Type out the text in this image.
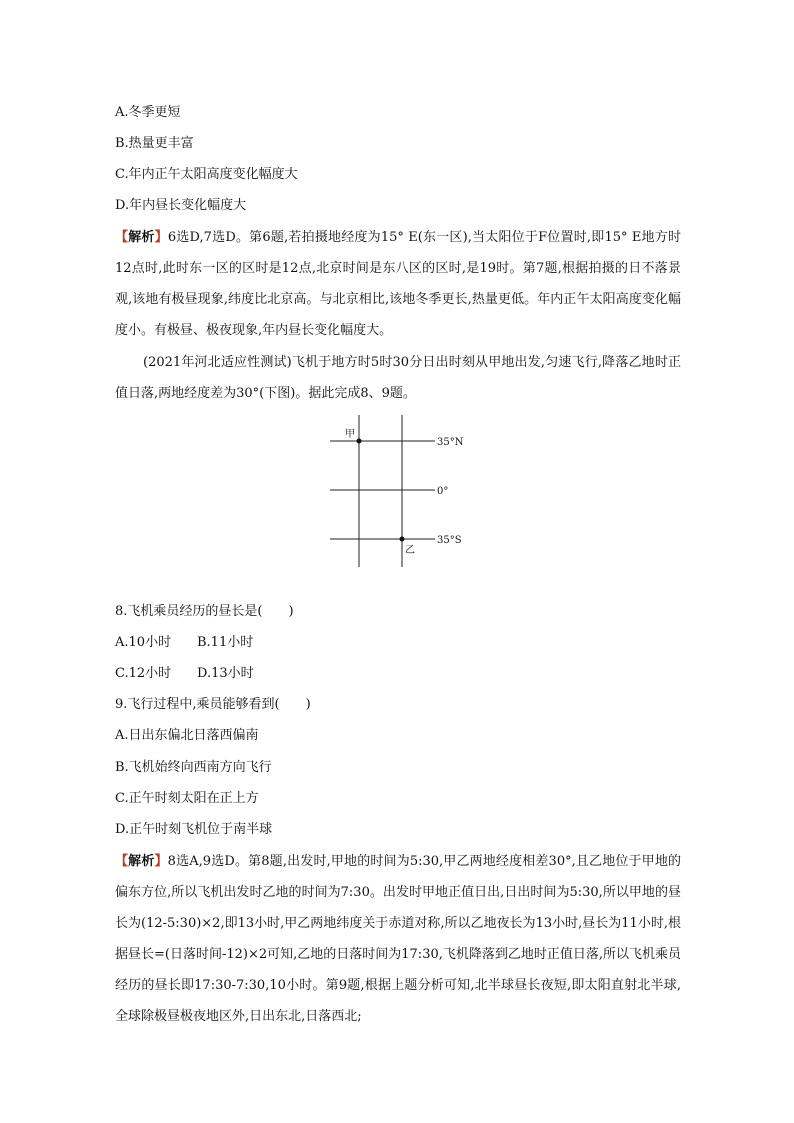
A.冬季更短
B.热量更丰富
C.年内正午太阳高度变化幅度大
D.年内昼长变化幅度大
【解析】6选D,7选D。第6题,若拍摄地经度为15° E(东一区),当太阳位于F位置时,即15° E地方时12点时,此时东一区的区时是12点,北京时间是东八区的区时,是19时。第7题,根据拍摄的日不落景观,该地有极昼现象,纬度比北京高。与北京相比,该地冬季更长,热量更低。年内正午太阳高度变化幅度小。有极昼、极夜现象,年内昼长变化幅度大。
(2021年河北适应性测试)飞机于地方时5时30分日出时刻从甲地出发,匀速飞行,降落乙地时正值日落,两地经度差为30°(下图)。据此完成8、9题。
甲
乙
35°N
0°
35°S
8.飞机乘员经历的昼长是(　　)
A.10小时 B.11小时
C.12小时 D.13小时
9.飞行过程中,乘员能够看到(　　)
A.日出东偏北日落西偏南
B.飞机始终向西南方向飞行
C.正午时刻太阳在正上方
D.正午时刻飞机位于南半球
【解析】8选A,9选D。第8题,出发时,甲地的时间为5:30,甲乙两地经度相差30°,且乙地位于甲地的偏东方位,所以飞机出发时乙地的时间为7:30。出发时甲地正值日出,日出时间为5:30,所以甲地的昼长为(12-5:30)×2,即13小时,甲乙两地纬度关于赤道对称,所以乙地夜长为13小时,昼长为11小时,根据昼长=(日落时间-12)×2可知,乙地的日落时间为17:30,飞机降落到乙地时正值日落,所以飞机乘员经历的昼长即17:30-7:30,10小时。第9题,根据上题分析可知,北半球昼长夜短,即太阳直射北半球,全球除极昼极夜地区外,日出东北,日落西北;
